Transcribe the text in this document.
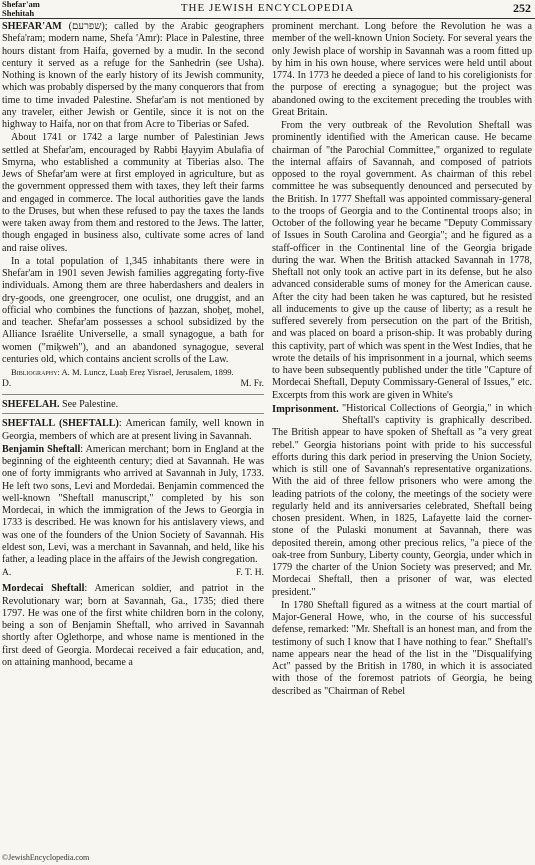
Shefar'am
Shehitah	THE JEWISH ENCYCLOPEDIA	252

SHEFAR'AM (שפרעם); called by the Arabic geographers Shefa'ram; modern name, Shefa 'Amr): Place in Palestine, three hours distant from Haifa, governed by a mudir. In the second century it served as a refuge for the Sanhedrin (see Usha). Nothing is known of the early history of its Jewish community, which was probably dispersed by the many conquerors that from time to time invaded Palestine. Shefar'am is not mentioned by any traveler, either Jewish or Gentile, since it is not on the highway to Haifa, nor on that from Acre to Tiberias or Safed.

About 1741 or 1742 a large number of Palestinian Jews settled at Shefar'am, encouraged by Rabbi Ḥayyim Abulafia of Smyrna, who established a community at Tiberias also. The Jews of Shefar'am were at first employed in agriculture, but as the government oppressed them with taxes, they left their farms and engaged in commerce. The local authorities gave the lands to the Druses, but when these refused to pay the taxes the lands were taken away from them and restored to the Jews. The latter, though engaged in business also, cultivate some acres of land and raise olives.

In a total population of 1,345 inhabitants there were in Shefar'am in 1901 seven Jewish families aggregating forty-five individuals. Among them are three haberdashers and dealers in dry-goods, one greengrocer, one oculist, one druggist, and an official who combines the functions of ḥazzan, shoḥeṭ, mohel, and teacher. Shefar'am possesses a school subsidized by the Alliance Israélite Universelle, a small synagogue, a bath for women ("miḳweh"), and an abandoned synagogue, several centuries old, which contains ancient scrolls of the Law.

Bibliography: A. M. Luncz, Luaḥ Ereẓ Yisrael, Jerusalem, 1899.

D.	M. Fr.

SHEFELAH. See Palestine.

SHEFTALL (SHEFTALL): American family, well known in Georgia, members of which are at present living in Savannah.

Benjamin Sheftall: American merchant; born in England at the beginning of the eighteenth century; died at Savannah. He was one of forty immigrants who arrived at Savannah in July, 1733. He left two sons, Levi and Mordedai. Benjamin commenced the well-known "Sheftall manuscript," completed by his son Mordecai, in which the immigration of the Jews to Georgia in 1733 is described. He was known for his antislavery views, and was one of the founders of the Union Society of Savannah. His eldest son, Levi, was a merchant in Savannah, and held, like his father, a leading place in the affairs of the Jewish congregation.

A.	F. T. H.

Mordecai Sheftall: American soldier, and patriot in the Revolutionary war; born at Savannah, Ga., 1735; died there 1797. He was one of the first white children born in the colony, being a son of Benjamin Sheftall, who arrived in Savannah shortly after Oglethorpe, and whose name is mentioned in the first deed of Georgia. Mordecai received a fair education, and, on attaining manhood, became a

prominent merchant. Long before the Revolution he was a member of the well-known Union Society. For several years the only Jewish place of worship in Savannah was a room fitted up by him in his own house, where services were held until about 1774. In 1773 he deeded a piece of land to his coreligionists for the purpose of erecting a synagogue; but the project was abandoned owing to the excitement preceding the troubles with Great Britain.

From the very outbreak of the Revolution Sheftall was prominently identified with the American cause. He became chairman of "the Parochial Committee," organized to regulate the internal affairs of Savannah, and composed of patriots opposed to the royal government. As chairman of this rebel committee he was subsequently denounced and persecuted by the British. In 1777 Sheftall was appointed commissary-general to the troops of Georgia and to the Continental troops also; in October of the following year he became "Deputy Commissary of Issues in South Carolina and Georgia"; and he figured as a staff-officer in the Continental line of the Georgia brigade during the war. When the British attacked Savannah in 1778, Sheftall not only took an active part in its defense, but he also advanced considerable sums of money for the American cause. After the city had been taken he was captured, but he resisted all inducements to give up the cause of liberty; as a result he suffered severely from persecution on the part of the British, and was placed on board a prison-ship. It was probably during this captivity, part of which was spent in the West Indies, that he wrote the details of his imprisonment in a journal, which seems to have been subsequently published under the title "Capture of Mordecai Sheftall, Deputy Commissary-General of Issues," etc. Excerpts from this work are given in White's

Imprisonment. "Historical Collections of Georgia," in which Sheftall's captivity is graphically described. The British appear to have spoken of Sheftall as "a very great rebel." Georgia historians point with pride to his successful efforts during this dark period in preserving the Union Society, which is still one of Savannah's representative organizations. With the aid of three fellow prisoners who were among the leading patriots of the colony, the meetings of the society were regularly held and its anniversaries celebrated, Sheftall being chosen president. When, in 1825, Lafayette laid the corner-stone of the Pulaski monument at Savannah, there was deposited therein, among other precious relics, "a piece of the oak-tree from Sunbury, Liberty county, Georgia, under which in 1779 the charter of the Union Society was preserved; and Mr. Mordecai Sheftall, then a prisoner of war, was elected president."

In 1780 Sheftall figured as a witness at the court martial of Major-General Howe, who, in the course of his successful defense, remarked: "Mr. Sheftall is an honest man, and from the testimony of such I know that I have nothing to fear." Sheftall's name appears near the head of the list in the "Disqualifying Act" passed by the British in 1780, in which it is associated with those of the foremost patriots of Georgia, he being described as "Chairman of Rebel

©JewishEncyclopedia.com
